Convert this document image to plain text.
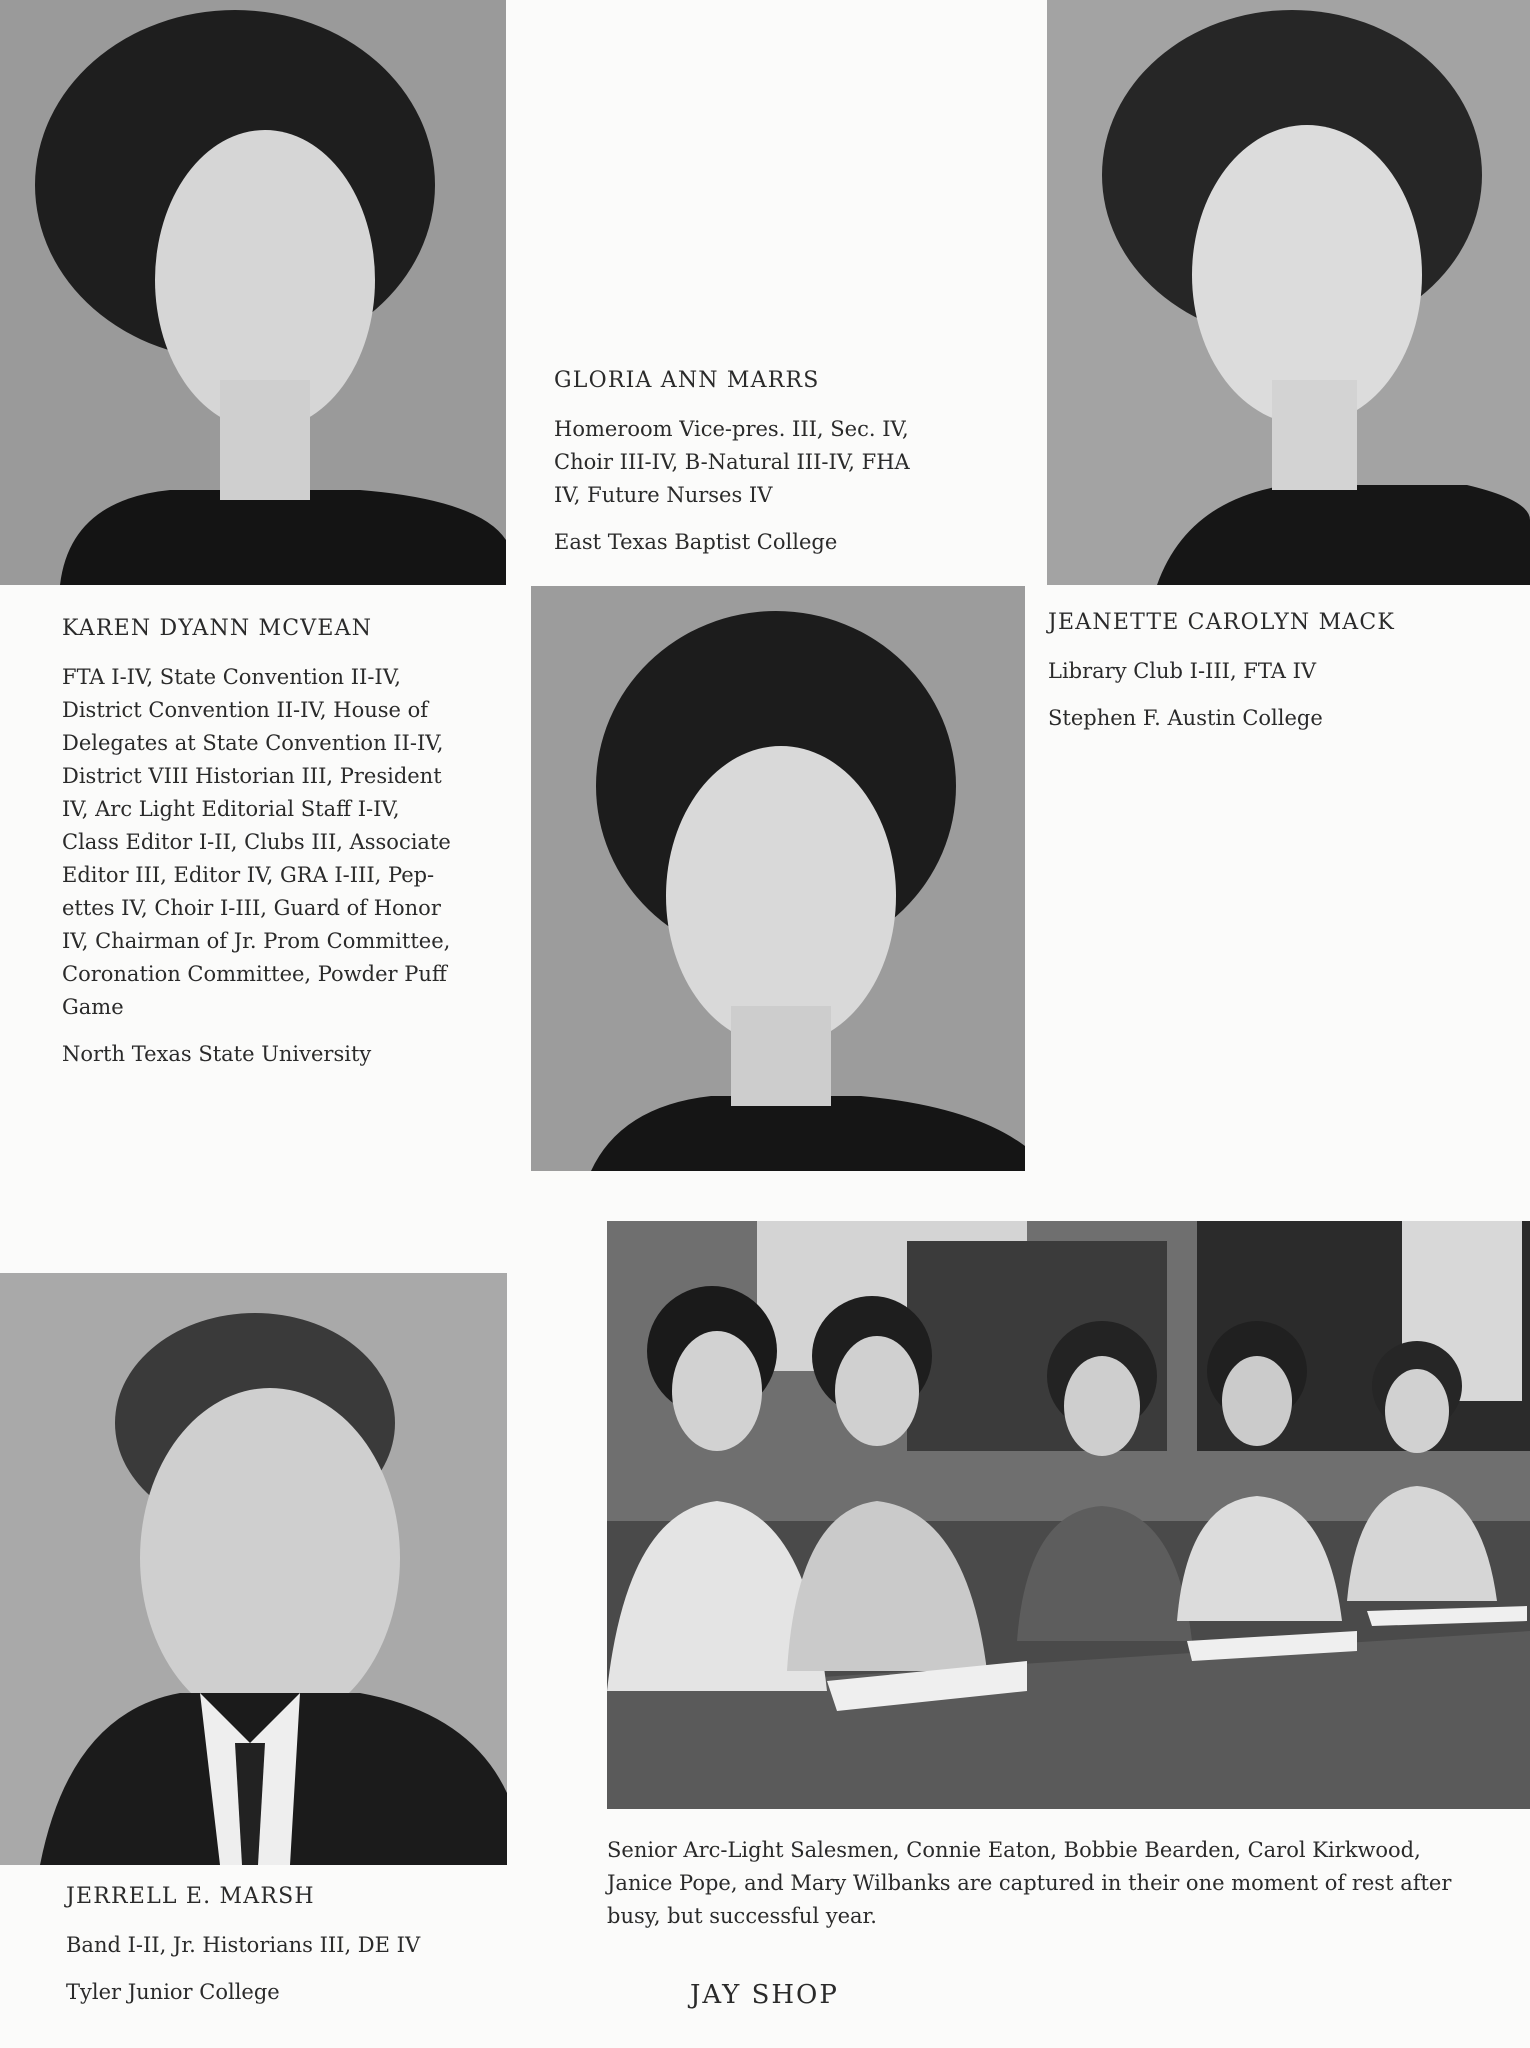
GLORIA ANN MARRS
Homeroom Vice-pres. III, Sec. IV,
Choir III-IV, B-Natural III-IV, FHA
IV, Future Nurses IV
East Texas Baptist College
KAREN DYANN MCVEAN
FTA I-IV, State Convention II-IV,
District Convention II-IV, House of
Delegates at State Convention II-IV,
District VIII Historian III, President
IV, Arc Light Editorial Staff I-IV,
Class Editor I-II, Clubs III, Associate
Editor III, Editor IV, GRA I-III, Pep-
ettes IV, Choir I-III, Guard of Honor
IV, Chairman of Jr. Prom Committee,
Coronation Committee, Powder Puff
Game
North Texas State University
JEANETTE CAROLYN MACK
Library Club I-III, FTA IV
Stephen F. Austin College
JERRELL E. MARSH
Band I-II, Jr. Historians III, DE IV
Tyler Junior College
Senior Arc-Light Salesmen, Connie Eaton, Bobbie Bearden, Carol Kirkwood,
Janice Pope, and Mary Wilbanks are captured in their one moment of rest after
busy, but successful year.
JAY SHOP
